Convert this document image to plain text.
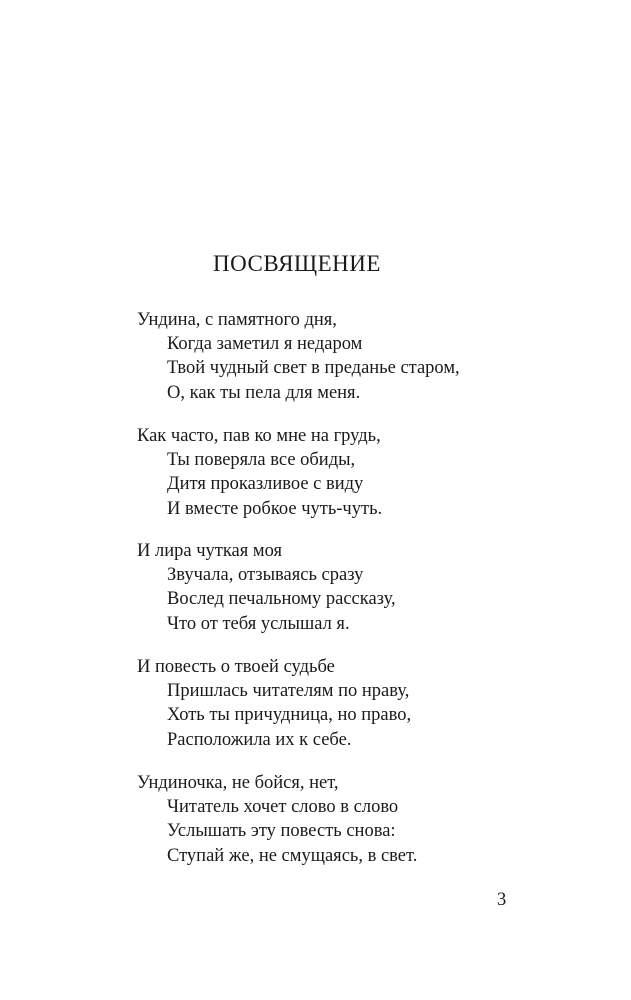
ПОСВЯЩЕНИЕ
Ундина, с памятного дня,
Когда заметил я недаром
Твой чудный свет в преданье старом,
О, как ты пела для меня.
Как часто, пав ко мне на грудь,
Ты поверяла все обиды,
Дитя проказливое с виду
И вместе робкое чуть-чуть.
И лира чуткая моя
Звучала, отзываясь сразу
Вослед печальному рассказу,
Что от тебя услышал я.
И повесть о твоей судьбе
Пришлась читателям по нраву,
Хоть ты причудница, но право,
Расположила их к себе.
Ундиночка, не бойся, нет,
Читатель хочет слово в слово
Услышать эту повесть снова:
Ступай же, не смущаясь, в свет.
3
